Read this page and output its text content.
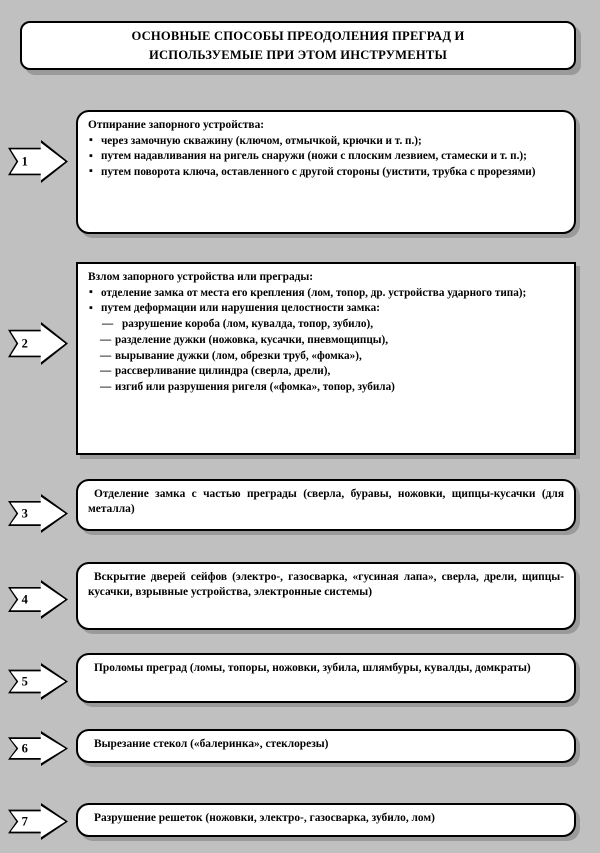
ОСНОВНЫЕ СПОСОБЫ ПРЕОДОЛЕНИЯ ПРЕГРАД И
ИСПОЛЬЗУЕМЫЕ ПРИ ЭТОМ ИНСТРУМЕНТЫ
1
Отпирание запорного устройства:
▪ через замочную скважину (ключом, отмычкой, крючки и т. п.);
▪ путем надавливания на ригель снаружи (ножи с плоским лезвием, стамески и т. п.);
▪ путем поворота ключа, оставленного с другой стороны (уистити, трубка с прорезями)
2
Взлом запорного устройства или преграды:
▪ отделение замка от места его крепления (лом, топор, др. устройства ударного типа);
▪ путем деформации или нарушения целостности замка:
— разрушение короба (лом, кувалда, топор, зубило),
— разделение дужки (ножовка, кусачки, пневмощипцы),
— вырывание дужки (лом, обрезки труб, «фомка»),
— рассверливание цилиндра (сверла, дрели),
— изгиб или разрушения ригеля («фомка», топор, зубила)
3
Отделение замка с частью преграды (сверла, буравы, ножовки, щипцы-кусачки (для металла)
4
Вскрытие дверей сейфов (электро-, газосварка, «гусиная лапа», сверла, дрели, щипцы-кусачки, взрывные устройства, электронные системы)
5
Проломы преград (ломы, топоры, ножовки, зубила, шлямбуры, кувалды, домкраты)
6	Вырезание стекол («балеринка», стеклорезы)
7	Разрушение решеток (ножовки, электро-, газосварка, зубило, лом)
